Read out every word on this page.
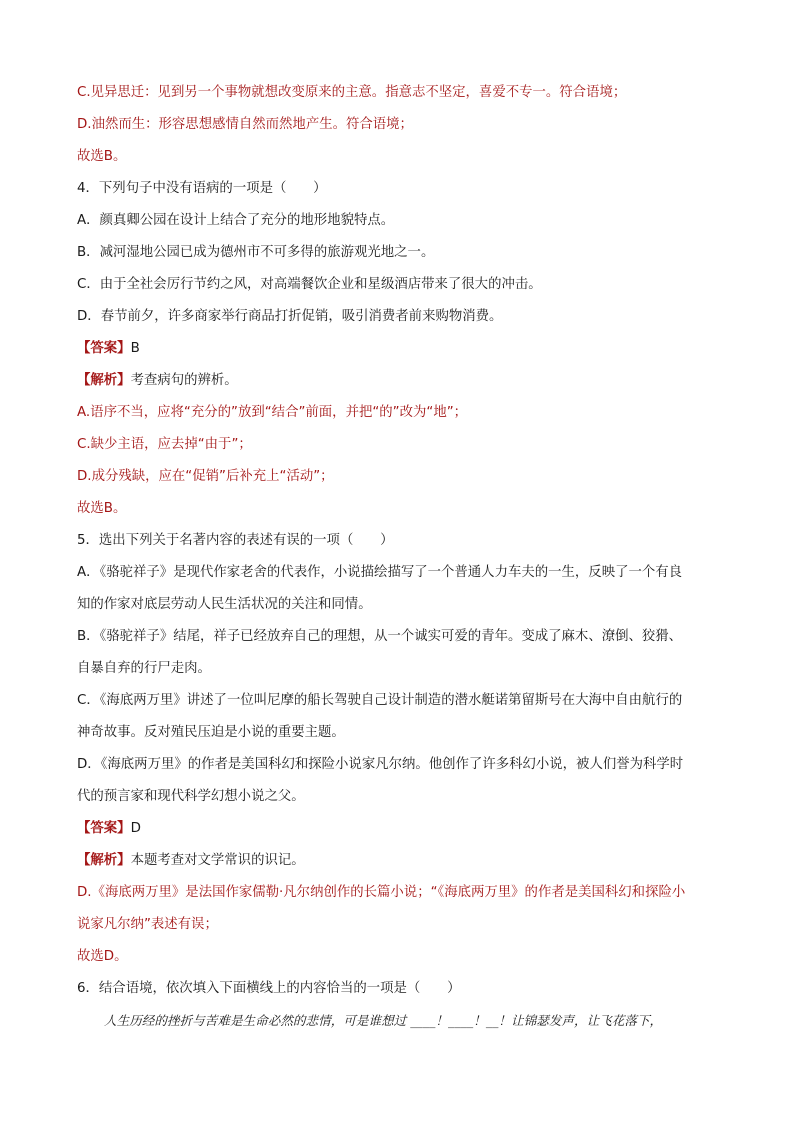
C.见异思迁：见到另一个事物就想改变原来的主意。指意志不坚定，喜爱不专一。符合语境；

D.油然而生：形容思想感情自然而然地产生。符合语境；

故选B。

4．下列句子中没有语病的一项是（　　）

A．颜真卿公园在设计上结合了充分的地形地貌特点。

B．减河湿地公园已成为德州市不可多得的旅游观光地之一。

C．由于全社会厉行节约之风，对高端餐饮企业和星级酒店带来了很大的冲击。

D．春节前夕，许多商家举行商品打折促销，吸引消费者前来购物消费。

【答案】B

【解析】考查病句的辨析。

A.语序不当，应将“充分的”放到“结合”前面，并把“的”改为“地”；

C.缺少主语，应去掉“由于”；

D.成分残缺，应在“促销”后补充上“活动”；

故选B。

5．选出下列关于名著内容的表述有误的一项（　　）

A．《骆驼祥子》是现代作家老舍的代表作，小说描绘描写了一个普通人力车夫的一生，反映了一个有良

知的作家对底层劳动人民生活状况的关注和同情。

B．《骆驼祥子》结尾，祥子已经放弃自己的理想，从一个诚实可爱的青年。变成了麻木、潦倒、狡猾、

自暴自弃的行尸走肉。

C．《海底两万里》讲述了一位叫尼摩的船长驾驶自己设计制造的潜水艇诺第留斯号在大海中自由航行的

神奇故事。反对殖民压迫是小说的重要主题。

D．《海底两万里》的作者是美国科幻和探险小说家凡尔纳。他创作了许多科幻小说，被人们誉为科学时

代的预言家和现代科学幻想小说之父。

【答案】D

【解析】本题考查对文学常识的识记。

D.《海底两万里》是法国作家儒勒·凡尔纳创作的长篇小说；“《海底两万里》的作者是美国科幻和探险小

说家凡尔纳”表述有误；

故选D。

6．结合语境，依次填入下面横线上的内容恰当的一项是（　　）

人生历经的挫折与苦难是生命必然的悲情，可是谁想过 ____！____！__！让锦瑟发声，让飞花落下，
